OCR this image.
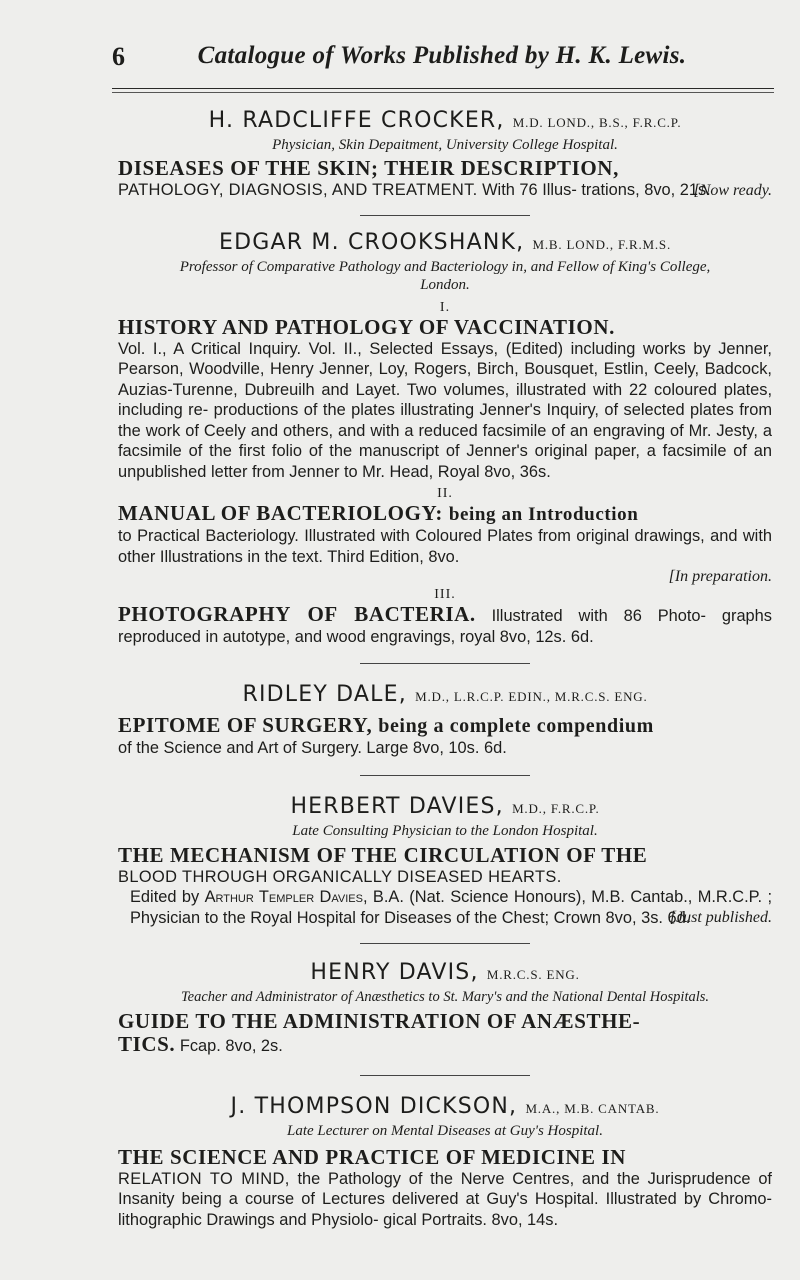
6	Catalogue of Works Published by H. K. Lewis.
H. RADCLIFFE CROCKER, M.D. LOND., B.S., F.R.C.P.
Physician, Skin Depaitment, University College Hospital.
DISEASES OF THE SKIN; THEIR DESCRIPTION,
PATHOLOGY, DIAGNOSIS, AND TREATMENT. With 76 Illus- trations, 8vo, 21s.
[Now ready.
EDGAR M. CROOKSHANK, M.B. LOND., F.R.M.S.
Professor of Comparative Pathology and Bacteriology in, and Fellow of King's College,
London.
I.
HISTORY AND PATHOLOGY OF VACCINATION.
Vol. I., A Critical Inquiry. Vol. II., Selected Essays, (Edited) including works by Jenner, Pearson, Woodville, Henry Jenner, Loy, Rogers, Birch, Bousquet, Estlin, Ceely, Badcock, Auzias-Turenne, Dubreuilh and Layet. Two volumes, illustrated with 22 coloured plates, including re- productions of the plates illustrating Jenner's Inquiry, of selected plates from the work of Ceely and others, and with a reduced facsimile of an engraving of Mr. Jesty, a facsimile of the first folio of the manuscript of Jenner's original paper, a facsimile of an unpublished letter from Jenner to Mr. Head, Royal 8vo, 36s.
II.
MANUAL OF BACTERIOLOGY: being an Introduction
to Practical Bacteriology. Illustrated with Coloured Plates from original drawings, and with other Illustrations in the text. Third Edition, 8vo.
[In preparation.
III.
PHOTOGRAPHY OF BACTERIA. Illustrated with 86 Photo- graphs reproduced in autotype, and wood engravings, royal 8vo, 12s. 6d.
RIDLEY DALE, M.D., L.R.C.P. EDIN., M.R.C.S. ENG.
EPITOME OF SURGERY, being a complete compendium
of the Science and Art of Surgery. Large 8vo, 10s. 6d.
HERBERT DAVIES, M.D., F.R.C.P.
Late Consulting Physician to the London Hospital.
THE MECHANISM OF THE CIRCULATION OF THE
BLOOD THROUGH ORGANICALLY DISEASED HEARTS.
Edited by Arthur Templer Davies, B.A. (Nat. Science Honours), M.B. Cantab., M.R.C.P. ; Physician to the Royal Hospital for Diseases of the Chest; Crown 8vo, 3s. 6d.
[Just published.
HENRY DAVIS, M.R.C.S. ENG.
Teacher and Administrator of Anæsthetics to St. Mary's and the National Dental Hospitals.
GUIDE TO THE ADMINISTRATION OF ANÆSTHE-
TICS. Fcap. 8vo, 2s.
J. THOMPSON DICKSON, M.A., M.B. CANTAB.
Late Lecturer on Mental Diseases at Guy's Hospital.
THE SCIENCE AND PRACTICE OF MEDICINE IN
RELATION TO MIND, the Pathology of the Nerve Centres, and the Jurisprudence of Insanity being a course of Lectures delivered at Guy's Hospital. Illustrated by Chromo-lithographic Drawings and Physiolo- gical Portraits. 8vo, 14s.
